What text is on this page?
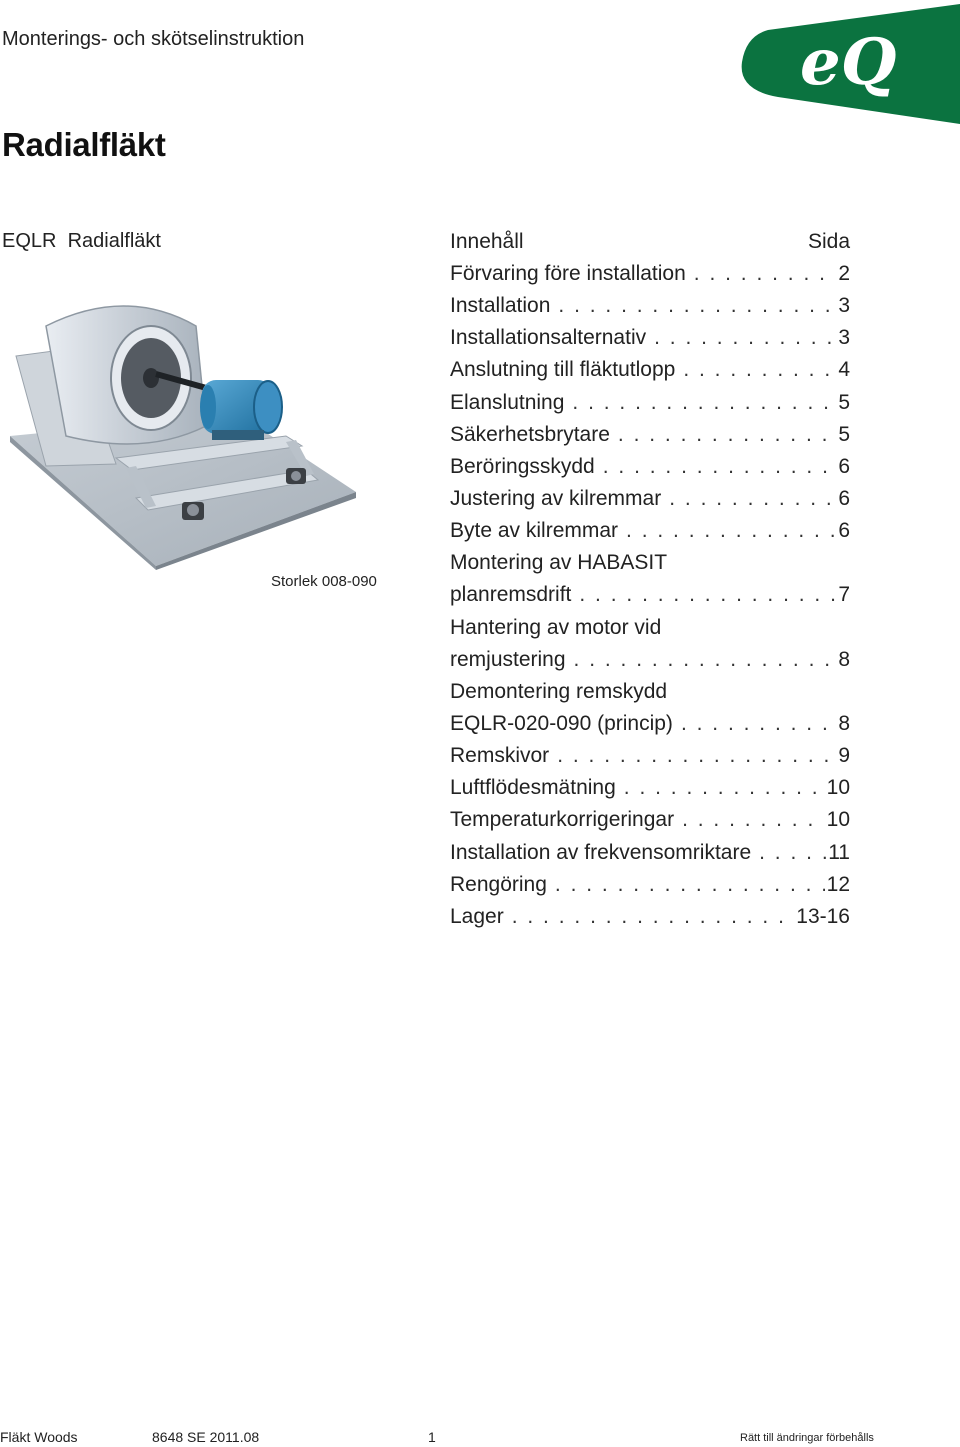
Monterings- och skötselinstruktion	eQ
Radialfläkt
EQLR  Radialfläkt
Storlek 008-090
Innehåll	Sida
Förvaring före installation . . .	2
Installation . . .	3
Installationsalternativ . . .	3
Anslutning till fläktutlopp . . .	4
Elanslutning . . .	5
Säkerhetsbrytare . . .	5
Beröringsskydd . . .	6
Justering av kilremmar . . .	6
Byte av kilremmar . . .	6
Montering av HABASIT
planremsdrift . . .	7
Hantering av motor vid
remjustering . . .	8
Demontering remskydd
EQLR-020-090 (princip) . . .	8
Remskivor . . .	9
Luftflödesmätning . . .	10
Temperaturkorrigeringar . . .	10
Installation av frekvensomriktare . . .	11
Rengöring . . .	12
Lager . . .	13-16
Fläkt Woods	8648 SE 2011.08	1	Rätt till ändringar förbehålls
